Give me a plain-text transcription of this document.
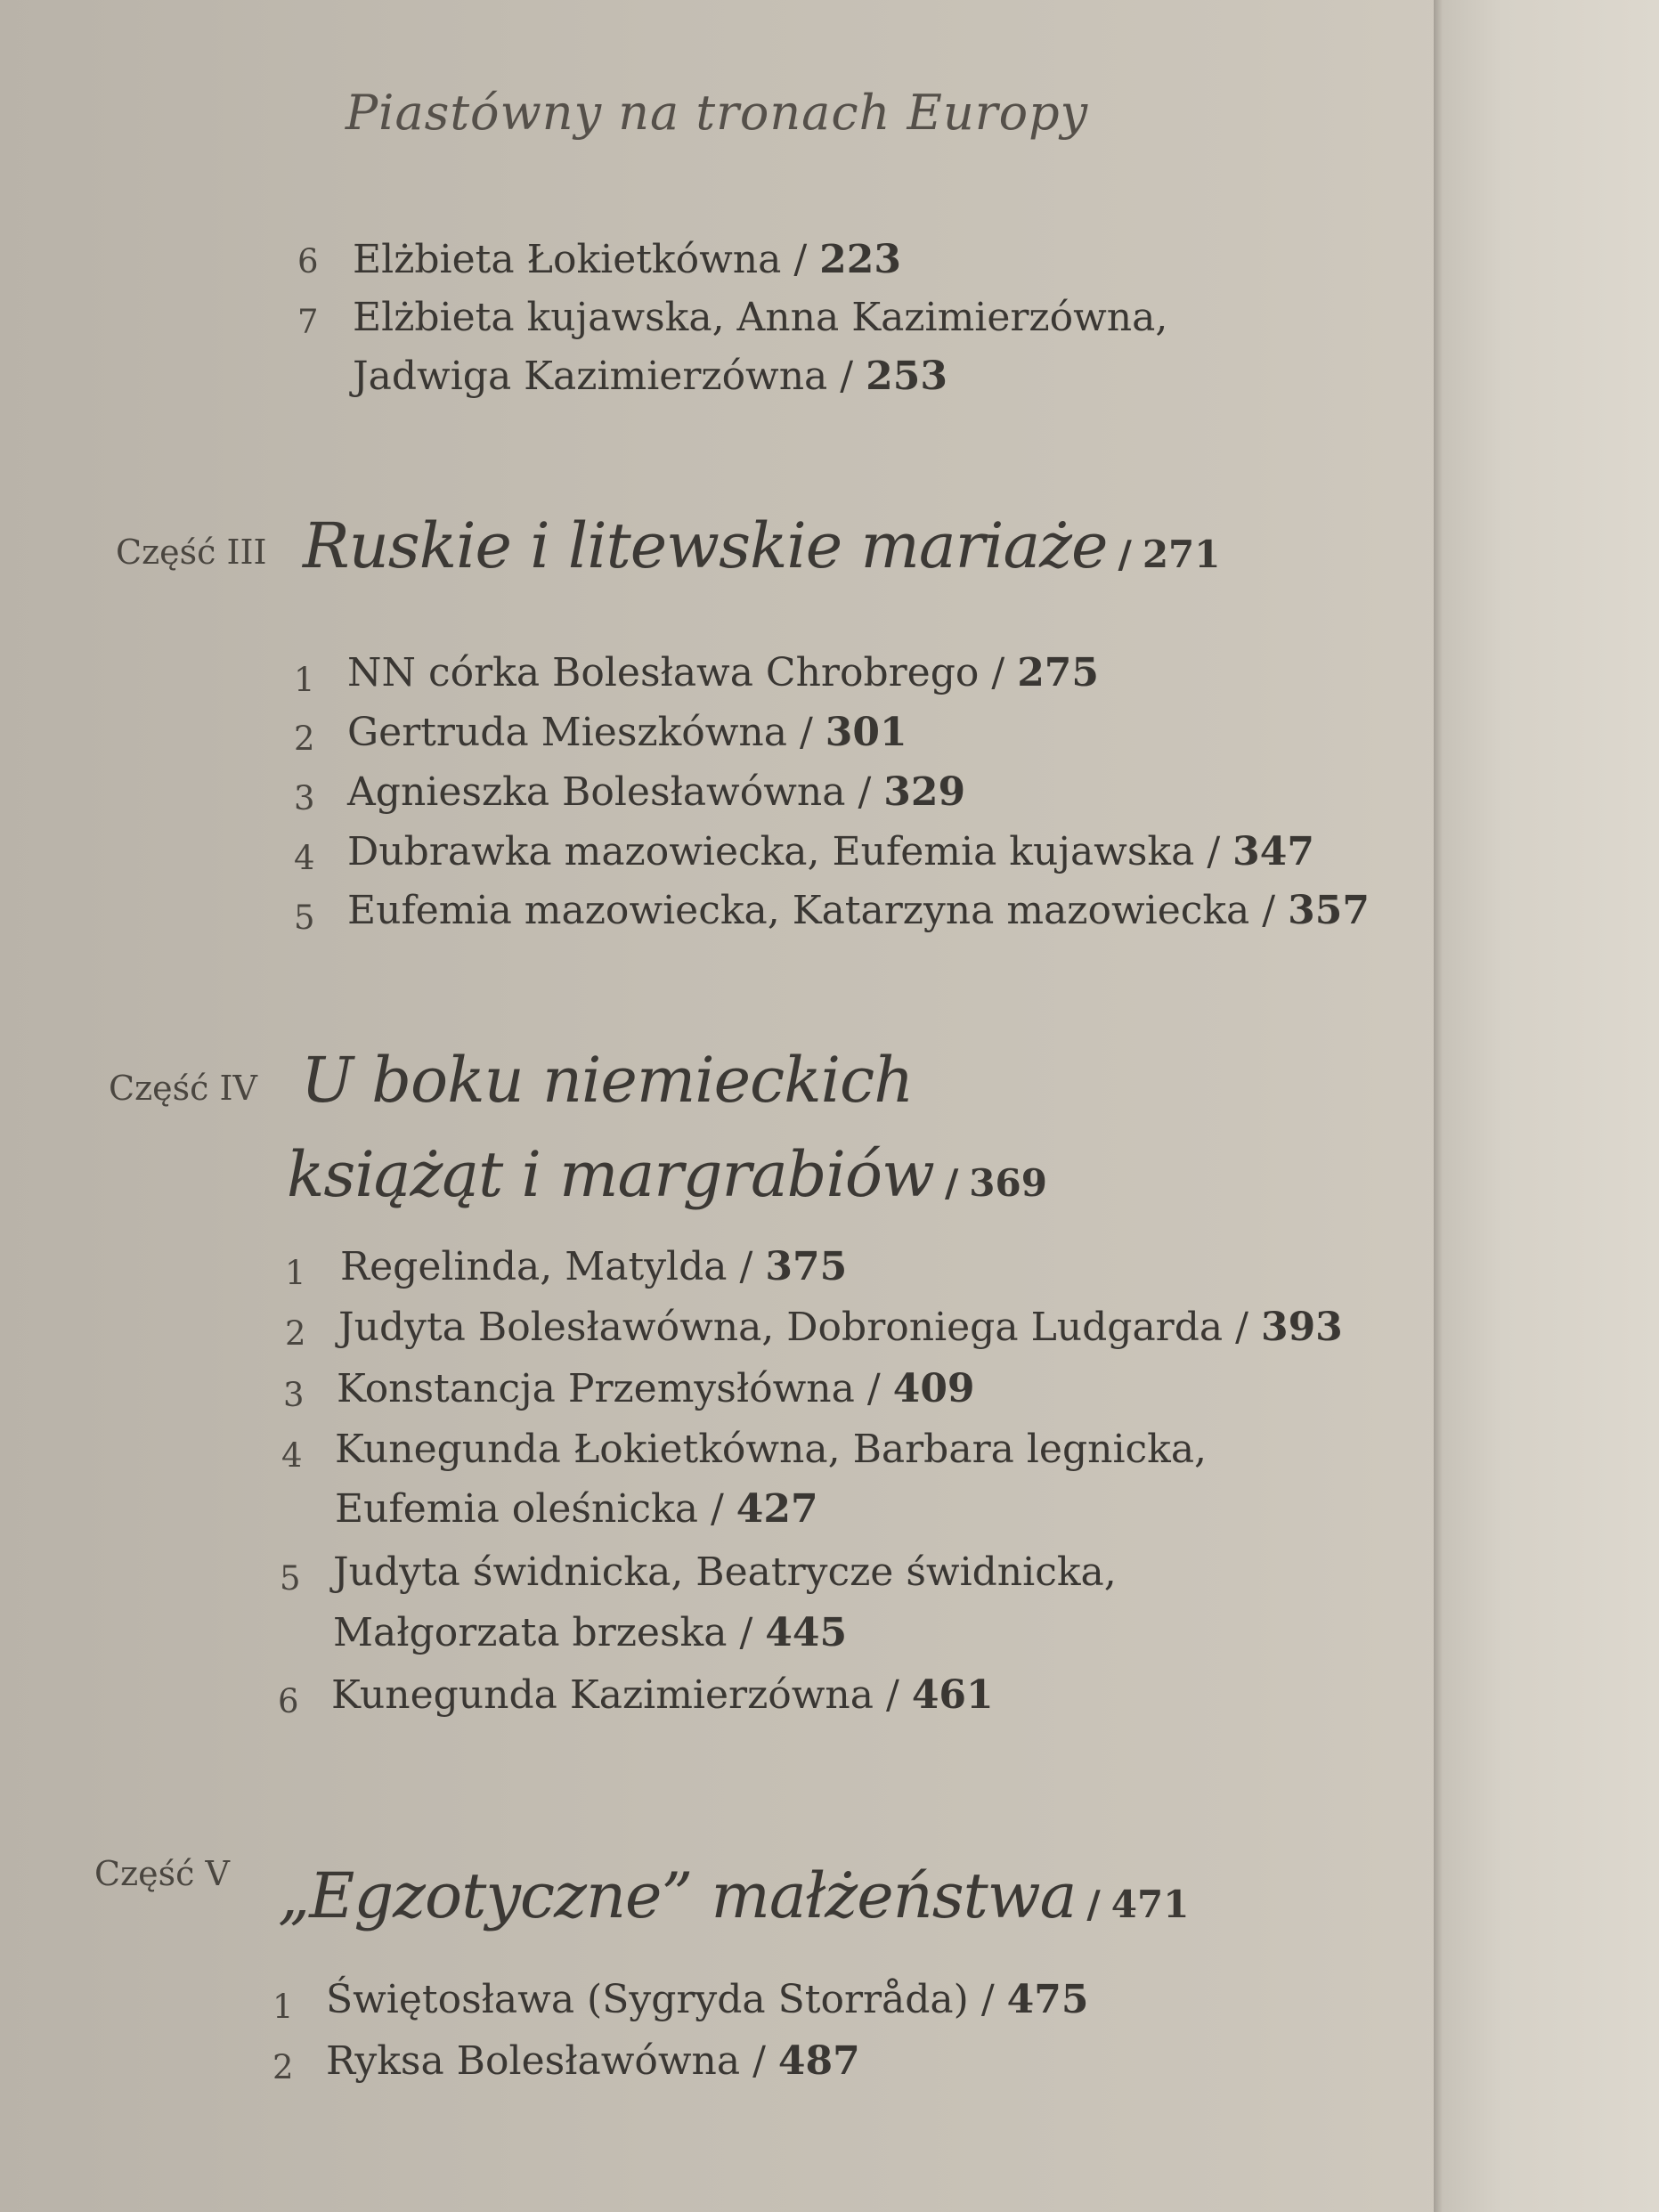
Piastówny na tronach Europy
6 Elżbieta Łokietkówna / 223
7 Elżbieta kujawska, Anna Kazimierzówna,
Jadwiga Kazimierzówna / 253
Część III Ruskie i litewskie mariaże / 271
1 NN córka Bolesława Chrobrego / 275
2 Gertruda Mieszkówna / 301
3 Agnieszka Bolesławówna / 329
4 Dubrawka mazowiecka, Eufemia kujawska / 347
5 Eufemia mazowiecka, Katarzyna mazowiecka / 357
Część IV U boku niemieckich
książąt i margrabiów / 369
1 Regelinda, Matylda / 375
2 Judyta Bolesławówna, Dobroniega Ludgarda / 393
3 Konstancja Przemysłówna / 409
4 Kunegunda Łokietkówna, Barbara legnicka,
Eufemia oleśnicka / 427
5 Judyta świdnicka, Beatrycze świdnicka,
Małgorzata brzeska / 445
6 Kunegunda Kazimierzówna / 461
Część V „Egzotyczne” małżeństwa / 471
1 Świętosława (Sygryda Storråda) / 475
2 Ryksa Bolesławówna / 487
